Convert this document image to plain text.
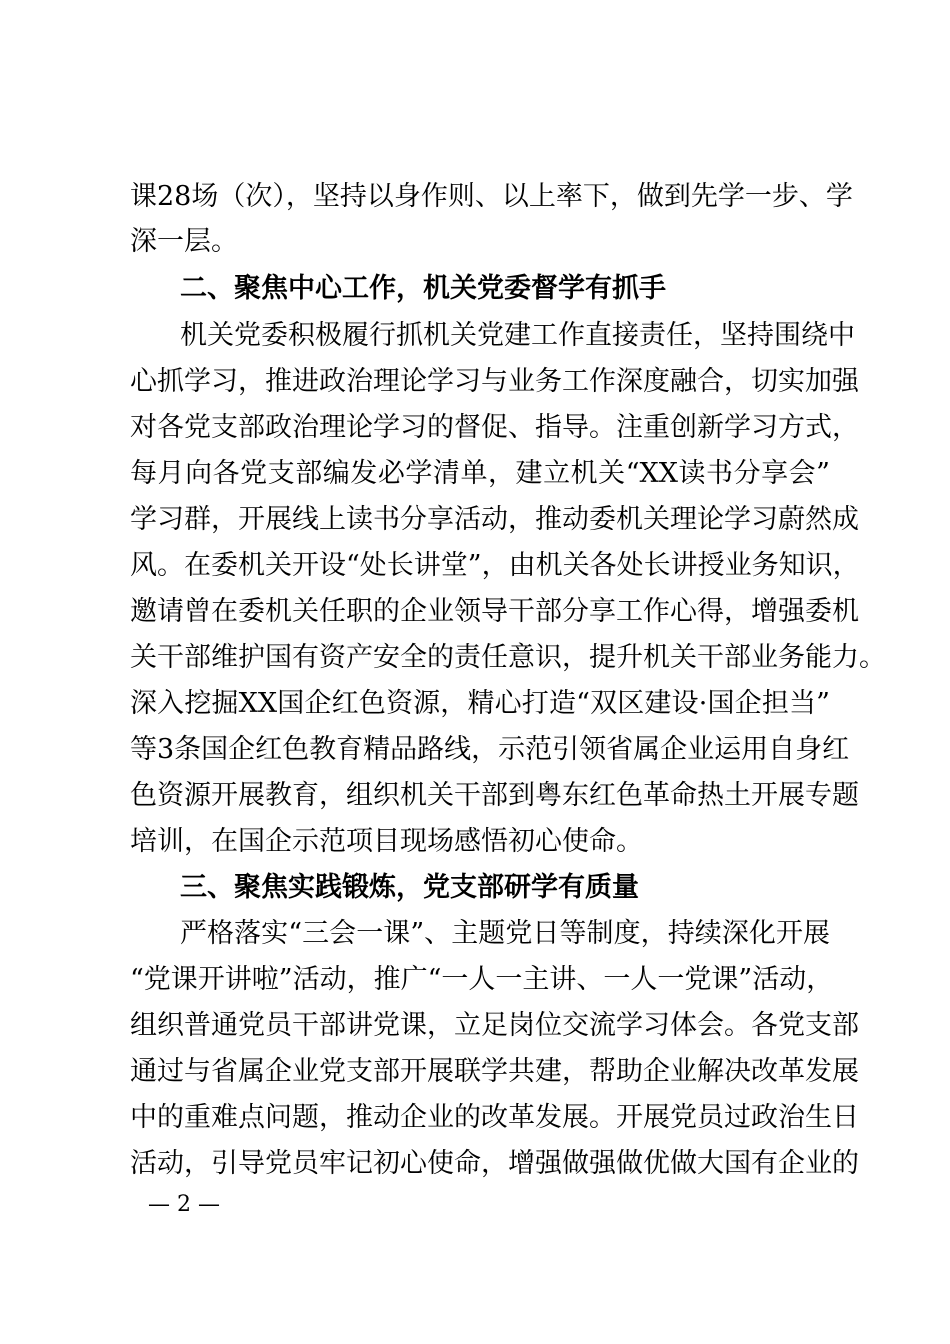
课28场（次），坚持以身作则、以上率下，做到先学一步、学
深一层。
二、聚焦中心工作，机关党委督学有抓手
机关党委积极履行抓机关党建工作直接责任，坚持围绕中
心抓学习，推进政治理论学习与业务工作深度融合，切实加强
对各党支部政治理论学习的督促、指导。注重创新学习方式，
每月向各党支部编发必学清单，建立机关“XX读书分享会”
学习群，开展线上读书分享活动，推动委机关理论学习蔚然成
风。在委机关开设“处长讲堂”，由机关各处长讲授业务知识，
邀请曾在委机关任职的企业领导干部分享工作心得，增强委机
关干部维护国有资产安全的责任意识，提升机关干部业务能力。
深入挖掘XX国企红色资源，精心打造“双区建设·国企担当”
等3条国企红色教育精品路线，示范引领省属企业运用自身红
色资源开展教育，组织机关干部到粤东红色革命热土开展专题
培训，在国企示范项目现场感悟初心使命。
三、聚焦实践锻炼，党支部研学有质量
严格落实“三会一课”、主题党日等制度，持续深化开展
“党课开讲啦”活动，推广“一人一主讲、一人一党课”活动，
组织普通党员干部讲党课，立足岗位交流学习体会。各党支部
通过与省属企业党支部开展联学共建，帮助企业解决改革发展
中的重难点问题，推动企业的改革发展。开展党员过政治生日
活动，引导党员牢记初心使命，增强做强做优做大国有企业的
— 2 —
